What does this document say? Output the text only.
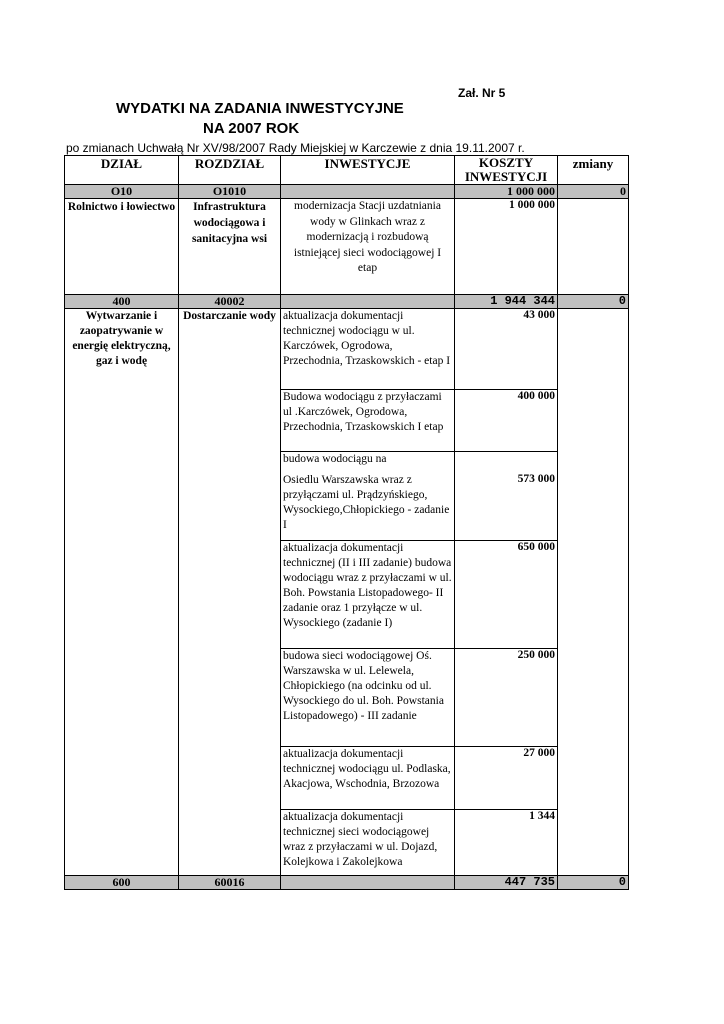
Zał. Nr 5
WYDATKI NA ZADANIA INWESTYCYJNE
NA 2007 ROK
po zmianach Uchwałą Nr XV/98/2007 Rady Miejskiej w Karczewie z dnia 19.11.2007 r.
DZIAŁ	ROZDZIAŁ	INWESTYCJE	KOSZTY INWESTYCJI	zmiany
O10	O1010		1 000 000	0
Rolnictwo i łowiectwo	Infrastruktura wodociągowa i sanitacyjna wsi	modernizacja Stacji uzdatniania wody w Glinkach wraz z modernizacją i rozbudową istniejącej sieci wodociągowej I etap	1 000 000	
400	40002		1 944 344	0
Wytwarzanie i zaopatrywanie w energię elektryczną, gaz i wodę	Dostarczanie wody	aktualizacja dokumentacji technicznej wodociągu w ul. Karczówek, Ogrodowa, Przechodnia, Trzaskowskich - etap I	43 000	
		Budowa wodociągu z przyłaczami ul .Karczówek, Ogrodowa, Przechodnia, Trzaskowskich I etap	400 000	
		budowa wodociągu na
Osiedlu Warszawska wraz z przyłączami ul. Prądzyńskiego, Wysockiego,Chłopickiego - zadanie I	573 000	
		aktualizacja dokumentacji technicznej (II i III zadanie) budowa wodociągu wraz z przyłaczami w ul. Boh. Powstania Listopadowego- II zadanie oraz 1 przyłącze w ul. Wysockiego (zadanie I)	650 000	
		budowa sieci wodociągowej Oś. Warszawska w ul. Lelewela, Chłopickiego (na odcinku od ul. Wysockiego do ul. Boh. Powstania Listopadowego) - III zadanie	250 000	
		aktualizacja dokumentacji technicznej wodociągu ul. Podlaska, Akacjowa, Wschodnia, Brzozowa	27 000	
		aktualizacja dokumentacji technicznej sieci wodociągowej wraz z przyłaczami w ul. Dojazd, Kolejkowa i Zakolejkowa	1 344	
600	60016		447 735	0
